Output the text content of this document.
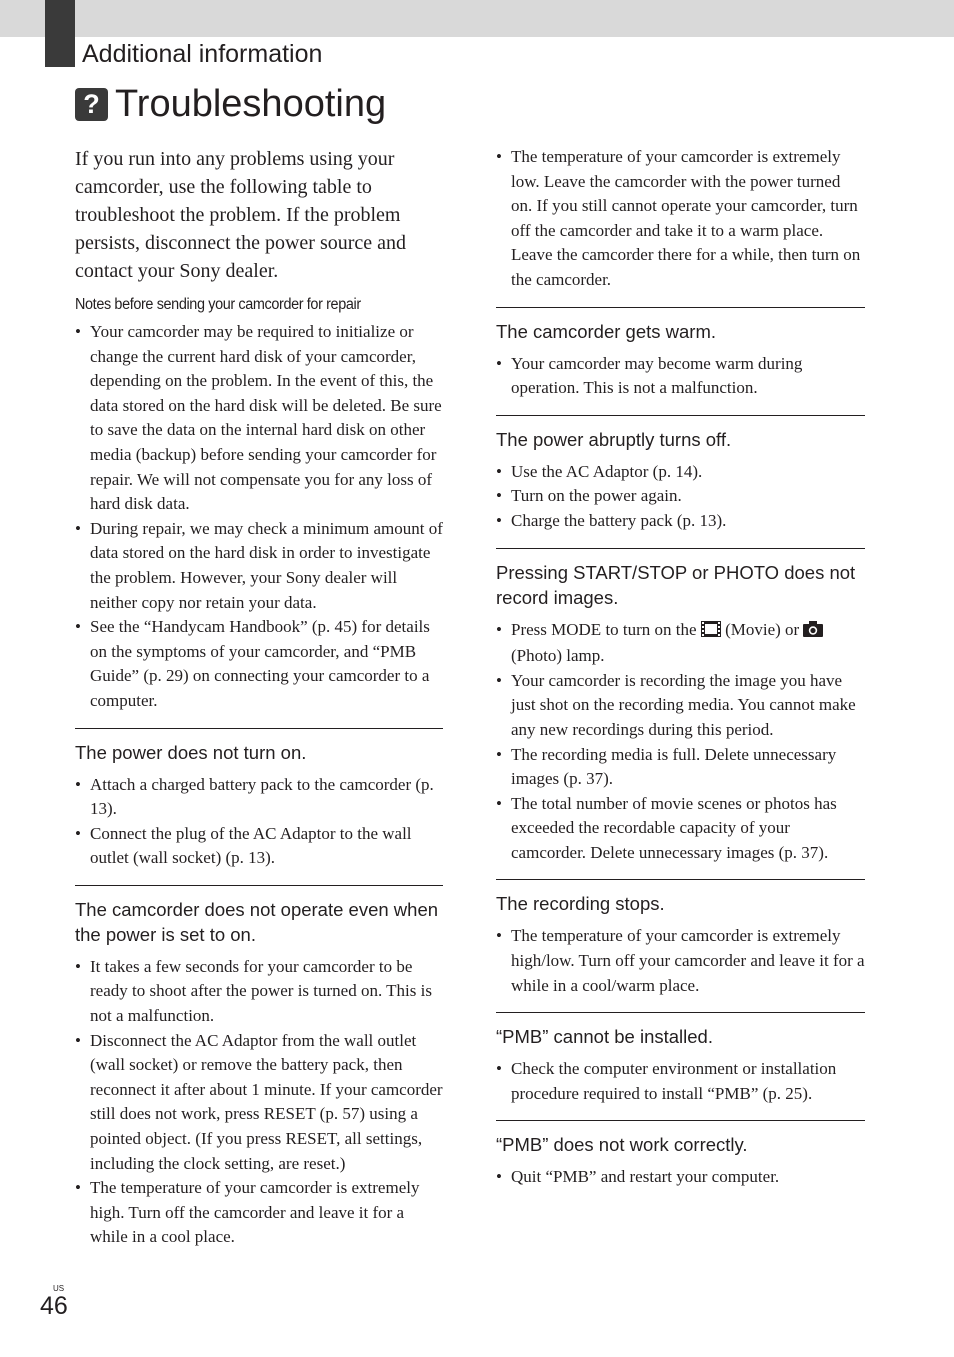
Additional information
? Troubleshooting

If you run into any problems using your camcorder, use the following table to troubleshoot the problem. If the problem persists, disconnect the power source and contact your Sony dealer.

Notes before sending your camcorder for repair
• Your camcorder may be required to initialize or change the current hard disk of your camcorder, depending on the problem. In the event of this, the data stored on the hard disk will be deleted. Be sure to save the data on the internal hard disk on other media (backup) before sending your camcorder for repair. We will not compensate you for any loss of hard disk data.
• During repair, we may check a minimum amount of data stored on the hard disk in order to investigate the problem. However, your Sony dealer will neither copy nor retain your data.
• See the “Handycam Handbook” (p. 45) for details on the symptoms of your camcorder, and “PMB Guide” (p. 29) on connecting your camcorder to a computer.
The power does not turn on.
• Attach a charged battery pack to the camcorder (p. 13).
• Connect the plug of the AC Adaptor to the wall outlet (wall socket) (p. 13).
The camcorder does not operate even when the power is set to on.
• It takes a few seconds for your camcorder to be ready to shoot after the power is turned on. This is not a malfunction.
• Disconnect the AC Adaptor from the wall outlet (wall socket) or remove the battery pack, then reconnect it after about 1 minute. If your camcorder still does not work, press RESET (p. 57) using a pointed object. (If you press RESET, all settings, including the clock setting, are reset.)
• The temperature of your camcorder is extremely high. Turn off the camcorder and leave it for a while in a cool place.
• The temperature of your camcorder is extremely low. Leave the camcorder with the power turned on. If you still cannot operate your camcorder, turn off the camcorder and take it to a warm place. Leave the camcorder there for a while, then turn on the camcorder.
The camcorder gets warm.
• Your camcorder may become warm during operation. This is not a malfunction.
The power abruptly turns off.
• Use the AC Adaptor (p. 14).
• Turn on the power again.
• Charge the battery pack (p. 13).
Pressing START/STOP or PHOTO does not record images.
• Press MODE to turn on the  (Movie) or  (Photo) lamp.
• Your camcorder is recording the image you have just shot on the recording media. You cannot make any new recordings during this period.
• The recording media is full. Delete unnecessary images (p. 37).
• The total number of movie scenes or photos has exceeded the recordable capacity of your camcorder. Delete unnecessary images (p. 37).
The recording stops.
• The temperature of your camcorder is extremely high/low. Turn off your camcorder and leave it for a while in a cool/warm place.
“PMB” cannot be installed.
• Check the computer environment or installation procedure required to install “PMB” (p. 25).
“PMB” does not work correctly.
• Quit “PMB” and restart your computer.
US
46
